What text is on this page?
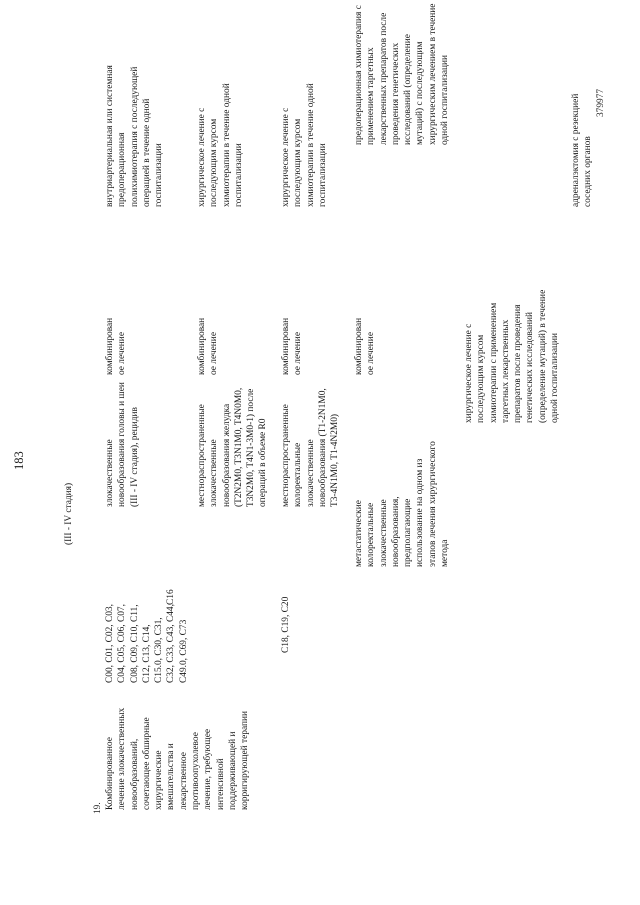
183
379977
(III - IV стадия)
адреналэктомия с резекцией соседних органов
19. Комбинированное лечение злокачественных новообразований, сочетающее обширные хирургические вмешательства и лекарственное противоопухолевое лечение, требующее интенсивной поддерживающей и корригирующей терапии
C00, C01, C02, C03, C04, C05, C06, C07, C08, C09, C10, C11, C12, C13, C14, C15.0, C30, C31, C32, C33, C43, C44, C49.0, C69, C73
злокачественные новообразования головы и шеи (III - IV стадия), рецидив
комбинирован ое лечение
внутриартериальная или системная предоперационная полихимиотерапия с последующей операцией в течение одной госпитализации
C16
местнораспространенные злокачественные новообразования желудка (T2N2M0, T3N1M0, T4N0M0, T3N2M0, T4N1-3M0-1) после операций в объеме R0
комбинирован ое лечение
хирургическое лечение с последующим курсом химиотерапии в течение одной госпитализации
C18, C19, C20
местнораспространенные колоректальные злокачественные новообразования (T1-2N1M0, T3-4N1M0, T1-4N2M0)
комбинирован ое лечение
хирургическое лечение с последующим курсом химиотерапии в течение одной госпитализации
метастатические колоректальные злокачественные новообразования, предполагающие использование на одном из этапов лечения хирургического метода
комбинирован ое лечение
предоперационная химиотерапия с применением таргетных лекарственных препаратов после проведения генетических исследований (определение мутаций) с последующим хирургическим лечением в течение одной госпитализации
хирургическое лечение с последующим курсом химиотерапии с применением таргетных лекарственных препаратов после проведения генетических исследований (определение мутаций) в течение одной госпитализации
